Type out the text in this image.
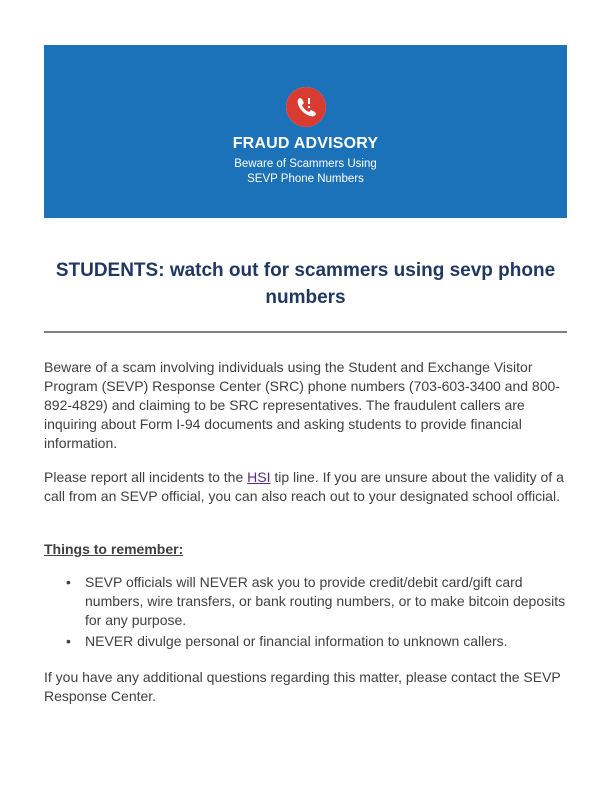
FRAUD ADVISORY
Beware of Scammers Using
SEVP Phone Numbers
STUDENTS: watch out for scammers using sevp phone numbers

Beware of a scam involving individuals using the Student and Exchange Visitor Program (SEVP) Response Center (SRC) phone numbers (703-603-3400 and 800-892-4829) and claiming to be SRC representatives. The fraudulent callers are inquiring about Form I-94 documents and asking students to provide financial information.

Please report all incidents to the HSI tip line. If you are unsure about the validity of a call from an SEVP official, you can also reach out to your designated school official.

Things to remember:

• SEVP officials will NEVER ask you to provide credit/debit card/gift card numbers, wire transfers, or bank routing numbers, or to make bitcoin deposits for any purpose.
• NEVER divulge personal or financial information to unknown callers.

If you have any additional questions regarding this matter, please contact the SEVP Response Center.
